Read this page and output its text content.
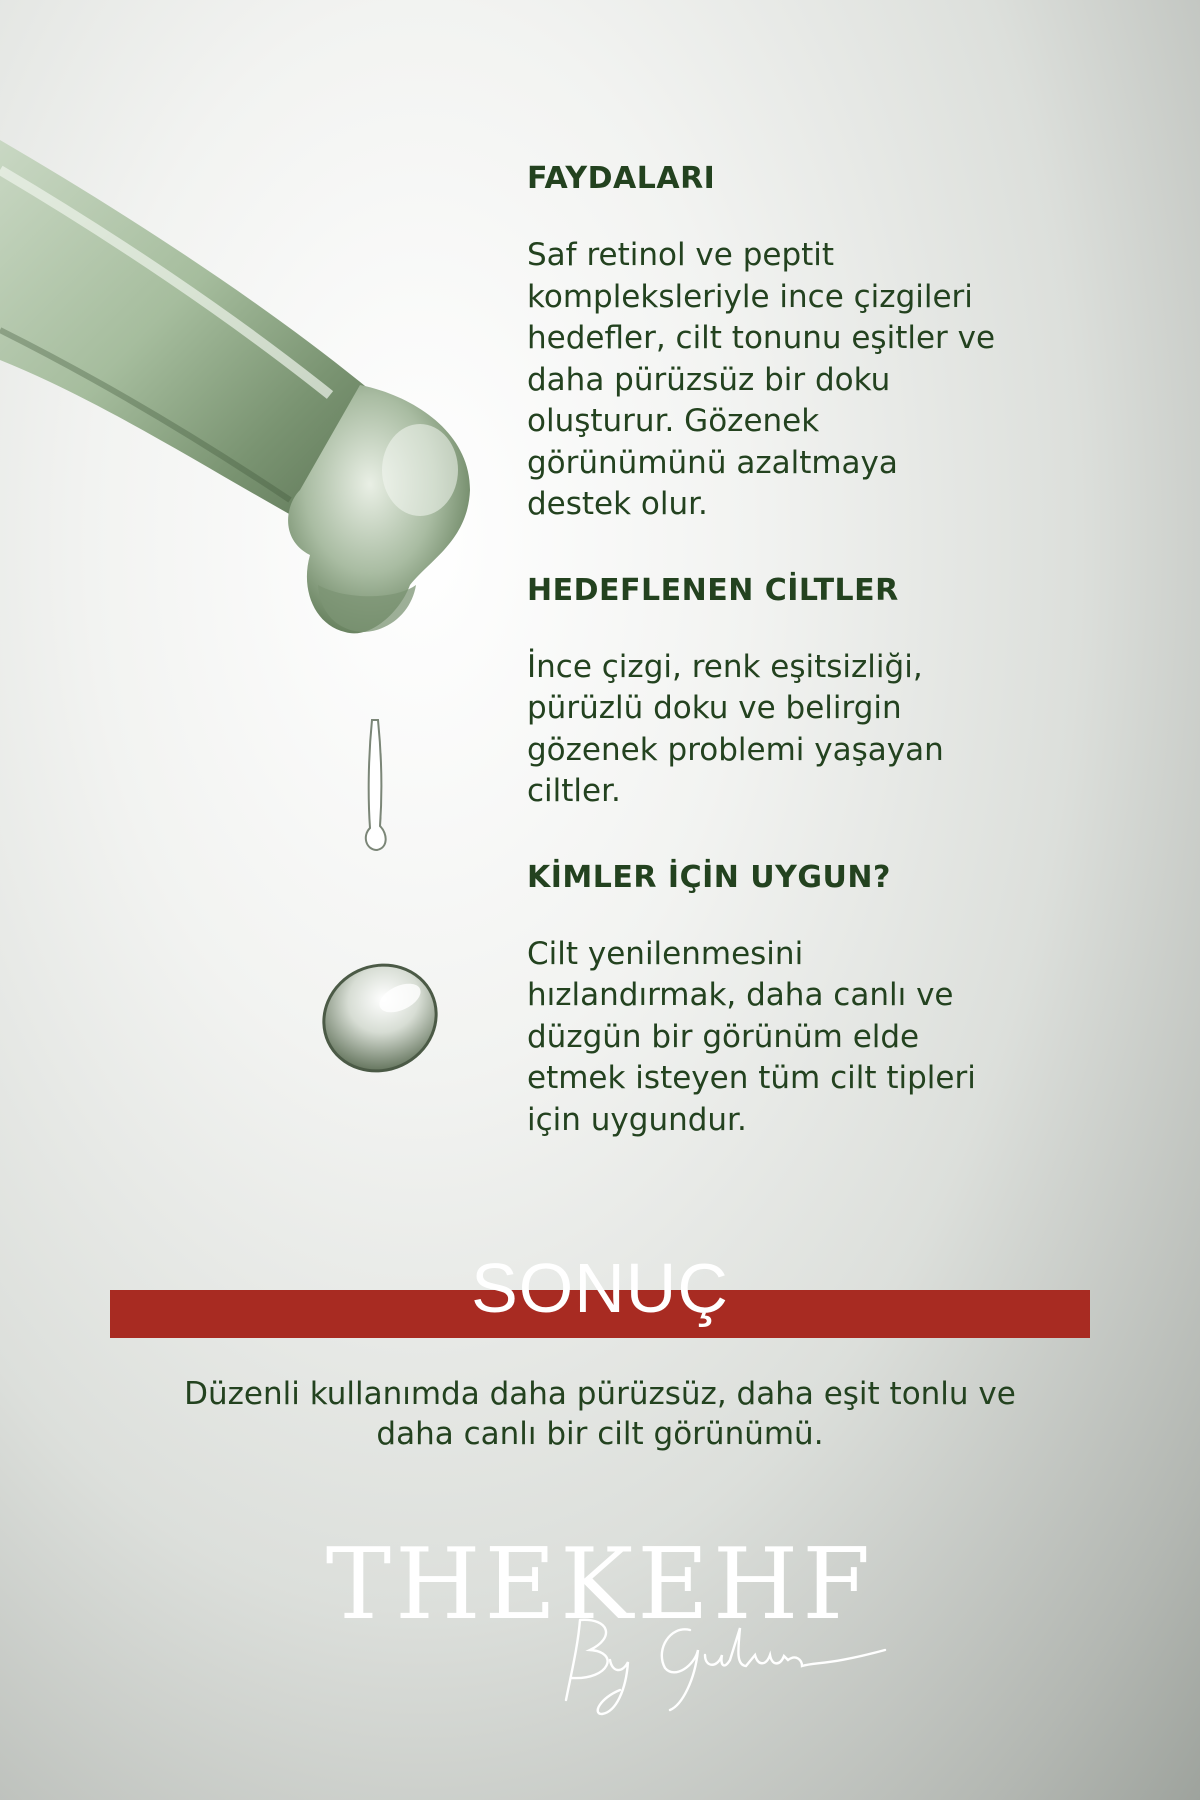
FAYDALARI

Saf retinol ve peptit
kompleksleriyle ince çizgileri
hedefler, cilt tonunu eşitler ve
daha pürüzsüz bir doku
oluşturur. Gözenek
görünümünü azaltmaya
destek olur.

HEDEFLENEN CİLTLER

İnce çizgi, renk eşitsizliği,
pürüzlü doku ve belirgin
gözenek problemi yaşayan
ciltler.

KİMLER İÇİN UYGUN?

Cilt yenilenmesini
hızlandırmak, daha canlı ve
düzgün bir görünüm elde
etmek isteyen tüm cilt tipleri
için uygundur.

SONUÇ
Düzenli kullanımda daha pürüzsüz, daha eşit tonlu ve
daha canlı bir cilt görünümü.
THEKEHF
